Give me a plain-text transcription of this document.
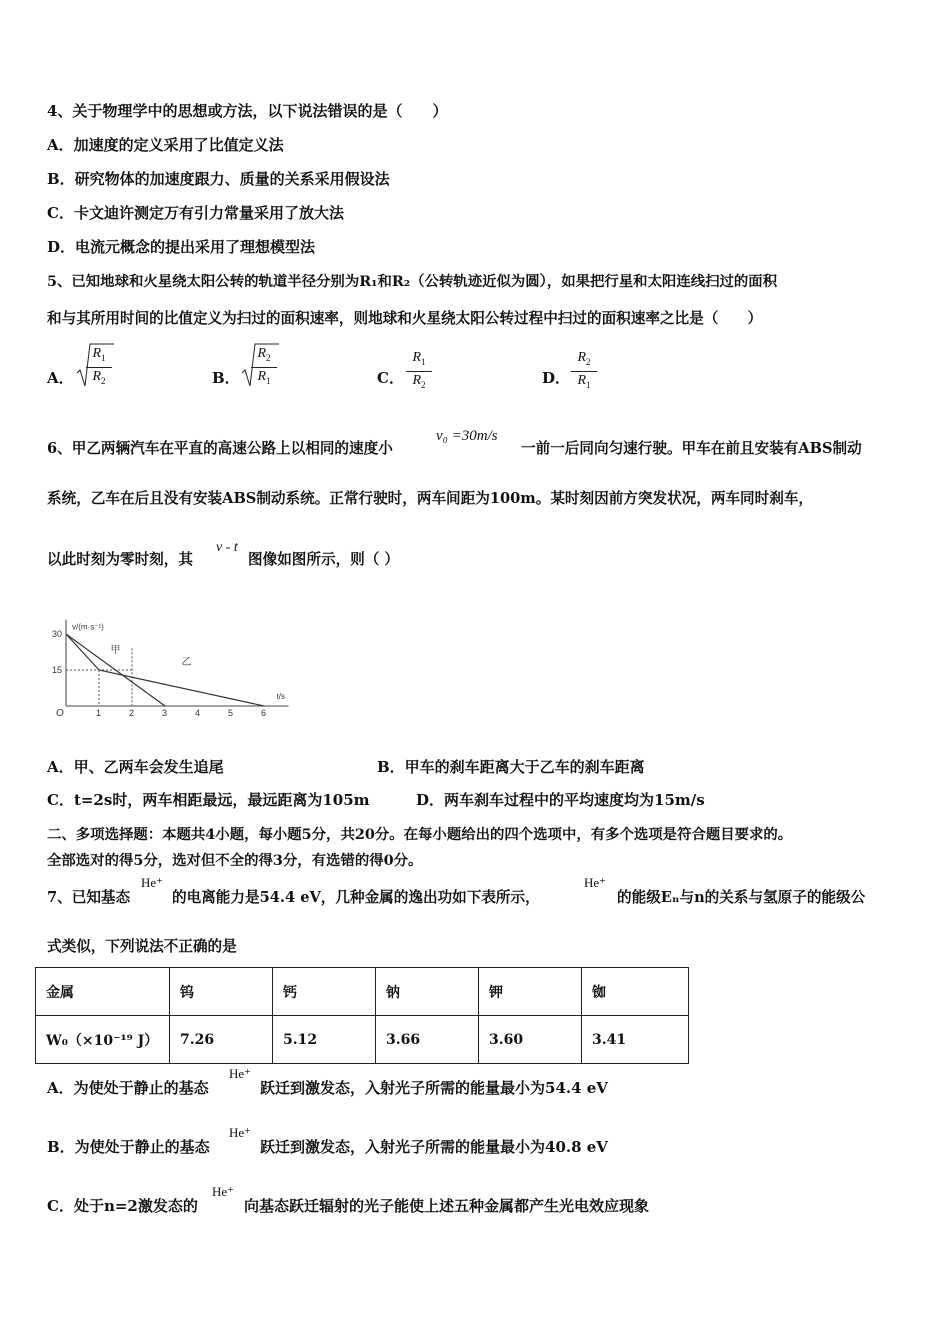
4、关于物理学中的思想或方法，以下说法错误的是（　　）
A．加速度的定义采用了比值定义法
B．研究物体的加速度跟力、质量的关系采用假设法
C．卡文迪许测定万有引力常量采用了放大法
D．电流元概念的提出采用了理想模型法
5、已知地球和火星绕太阳公转的轨道半径分别为R₁和R₂（公转轨迹近似为圆），如果把行星和太阳连线扫过的面积
和与其所用时间的比值定义为扫过的面积速率，则地球和火星绕太阳公转过程中扫过的面积速率之比是（　　）
A． $\frac{R_1}{R_2}$	B． $\frac{R_2}{R_1}$	C． $\frac{R_1}{R_2}$	D． $\frac{R_2}{R_1}$
6、甲乙两辆汽车在平直的高速公路上以相同的速度小
v₀ =30m/s
一前一后同向匀速行驶。甲车在前且安装有ABS制动
系统，乙车在后且没有安装ABS制动系统。正常行驶时，两车间距为100m。某时刻因前方突发状况，两车同时刹车，
以此时刻为零时刻，其
v - t
图像如图所示，则（ ）
v/(m·s⁻¹)
t/s
O	1	2	3	4	5	6
15
30
甲
乙
A．甲、乙两车会发生追尾	B．甲车的刹车距离大于乙车的刹车距离
C．t=2s时，两车相距最远，最远距离为105m	D．两车刹车过程中的平均速度均为15m/s
二、多项选择题：本题共4小题，每小题5分，共20分。在每小题给出的四个选项中，有多个选项是符合题目要求的。
全部选对的得5分，选对但不全的得3分，有选错的得0分。
7、已知基态
He⁺
的电离能力是54.4 eV，几种金属的逸出功如下表所示，
He⁺
的能级Eₙ与n的关系与氢原子的能级公
式类似，下列说法不正确的是
金属	钨	钙	钠	钾	铷
W₀（×10⁻¹⁹ J）	7.26	5.12	3.66	3.60	3.41
A．为使处于静止的基态
He⁺
跃迁到激发态，入射光子所需的能量最小为54.4 eV
B．为使处于静止的基态
He⁺
跃迁到激发态，入射光子所需的能量最小为40.8 eV
C．处于n=2激发态的
He⁺
向基态跃迁辐射的光子能使上述五种金属都产生光电效应现象
